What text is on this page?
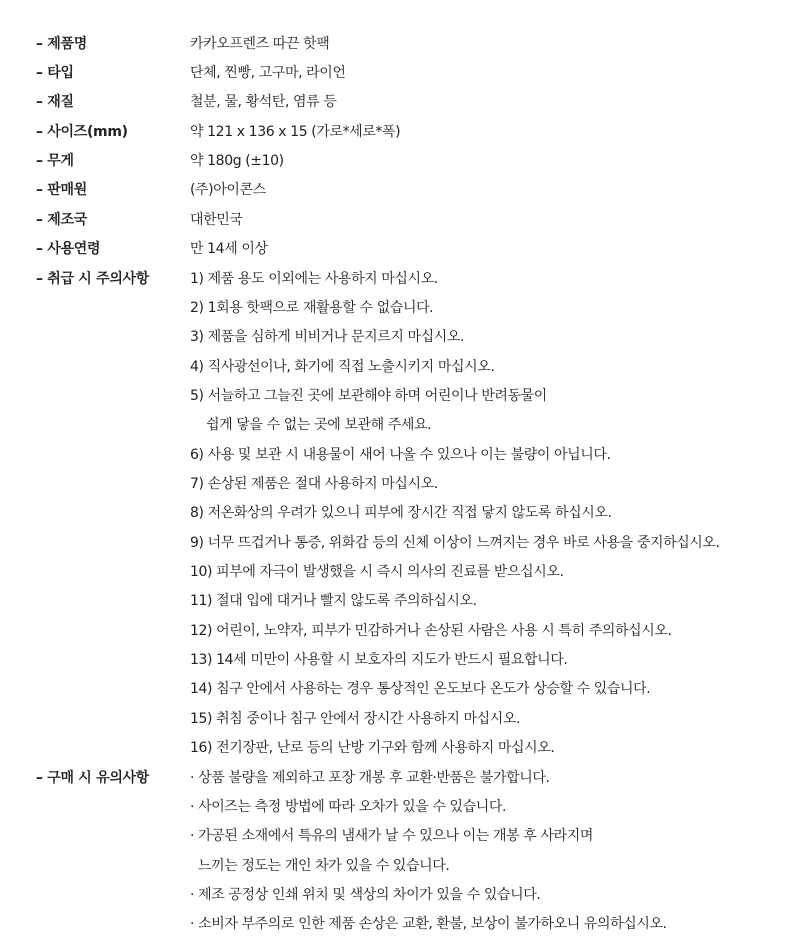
– 제품명	카카오프렌즈 따끈 핫팩
– 타입	단체, 찐빵, 고구마, 라이언
– 재질	철분, 물, 황석탄, 염류 등
– 사이즈(mm)	약 121 x 136 x 15 (가로*세로*폭)
– 무게	약 180g (±10)
– 판매원	(주)아이콘스
– 제조국	대한민국
– 사용연령	만 14세 이상
– 취급 시 주의사항	1) 제품 용도 이외에는 사용하지 마십시오.
2) 1회용 핫팩으로 재활용할 수 없습니다.
3) 제품을 심하게 비비거나 문지르지 마십시오.
4) 직사광선이나, 화기에 직접 노출시키지 마십시오.
5) 서늘하고 그늘진 곳에 보관해야 하며 어린이나 반려동물이
쉽게 닿을 수 없는 곳에 보관해 주세요.
6) 사용 및 보관 시 내용물이 새어 나올 수 있으나 이는 불량이 아닙니다.
7) 손상된 제품은 절대 사용하지 마십시오.
8) 저온화상의 우려가 있으니 피부에 장시간 직접 닿지 않도록 하십시오.
9) 너무 뜨겁거나 통증, 위화감 등의 신체 이상이 느껴지는 경우 바로 사용을 중지하십시오.
10) 피부에 자극이 발생했을 시 즉시 의사의 진료를 받으십시오.
11) 절대 입에 대거나 빨지 않도록 주의하십시오.
12) 어린이, 노약자, 피부가 민감하거나 손상된 사람은 사용 시 특히 주의하십시오.
13) 14세 미만이 사용할 시 보호자의 지도가 반드시 필요합니다.
14) 침구 안에서 사용하는 경우 통상적인 온도보다 온도가 상승할 수 있습니다.
15) 취침 중이나 침구 안에서 장시간 사용하지 마십시오.
16) 전기장판, 난로 등의 난방 기구와 함께 사용하지 마십시오.
– 구매 시 유의사항	· 상품 불량을 제외하고 포장 개봉 후 교환·반품은 불가합니다.
· 사이즈는 측정 방법에 따라 오차가 있을 수 있습니다.
· 가공된 소재에서 특유의 냄새가 날 수 있으나 이는 개봉 후 사라지며
느끼는 정도는 개인 차가 있을 수 있습니다.
· 제조 공정상 인쇄 위치 및 색상의 차이가 있을 수 있습니다.
· 소비자 부주의로 인한 제품 손상은 교환, 환불, 보상이 불가하오니 유의하십시오.
